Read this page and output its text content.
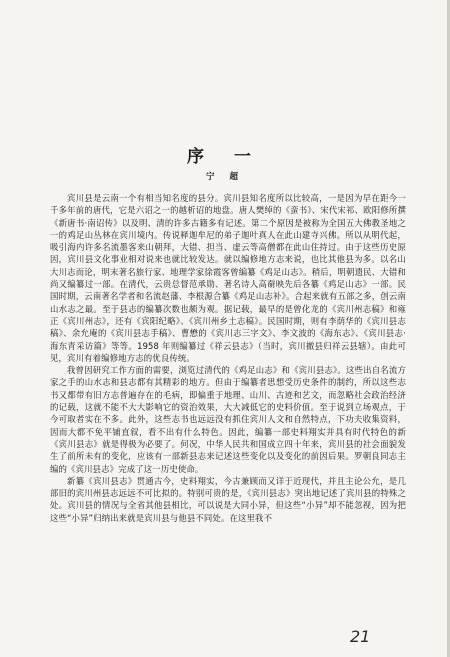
序 一
宁 超

宾川县是云南一个有相当知名度的县分。宾川县知名度所以比较高，一是因为早在距今一千多年前的唐代，它是六诏之一的越析诏的地盘。唐人樊绰的《蛮书》、宋代宋祁、欧阳修所撰《新唐书·南诏传》以及明、清的许多古籍多有记述。第二个原因是被称为全国五大佛教圣地之一的鸡足山丛林在宾川境内。传说释迦牟尼的弟子迦叶真人在此山建寺兴佛。所以从明代起，吸引海内许多名流墨客来山朝拜，大错、担当、虚云等高僧都在此山住持过。由于这些历史原因，宾川县文化事业相对说来也就比较发达。就以编修地方志来说，也比其他县为多。以名山大川志而论，明末著名旅行家、地理学家徐霞客曾编纂《鸡足山志》。稍后，明朝遗民、大错和尚又编纂过一部。在清代，云贵总督范承勋、著名诗人高奣映先后各纂《鸡足山志》一部。民国时期，云南著名学者和名流赵藩、李根源合纂《鸡足山志补》。合起来就有五部之多，创云南山水志之最。至于县志的编纂次数也颇为观。据记载，最早的是曾化龙的《宾川州志稿》和雍正《宾川州志》，还有《宾阳纪略》、《宾川州乡土志稿》。民国时期，则有李荫华的《宾川县志稿》、余允庵的《宾川县志手稿》、曹懋的《宾川志三字文》、李文波的《海东志》、《宾川县志·海东青采访篇》等等。1958 年则编纂过《祥云县志》（当时，宾川撤县归祥云县辖）。由此可见，宾川有着编修地方志的优良传统。

我曾因研究工作方面的需要，浏览过清代的《鸡足山志》和《宾川县志》。这些出自名流方家之手的山水志和县志都有其精彩的地方。但由于编纂者思想受历史条件的制约，所以这些志书又都带有旧方志普遍存在的毛病，即偏重于地理、山川、古迹和艺文，而忽略社会政治经济的记载，这就不能不大大影响它的资治效果，大大减低它的史料价值。至于说到立场观点，于今可取者实在不多。此外，这些志书也远远没有抓住宾川人文和自然特点，下功夫收集资料，因而大都不免平铺直叙，看不出有什么特色。因此，编纂一部史料翔实并具有时代特色的新《宾川县志》就是得极为必要了。何况，中华人民共和国成立四十年来，宾川县的社会面貌发生了前所未有的变化，应该有一部新县志来记述这些变化以及变化的前因后果。罗朝良同志主编的《宾川县志》完成了这一历史使命。

新纂《宾川县志》贯通古今，史料翔实，今古兼顾而又详于近现代，并且主论公允，是几部旧的宾川州县志远远不可比拟的。特别可贵的是，《宾川县志》突出地记述了宾川县的特殊之处。宾川县的情况与全省其他县相比，可以说是大同小异，但这些“小异”却不能忽视，因为把这些“小异”归纳出来就是宾川县与他县不同处。在这里我不

21
